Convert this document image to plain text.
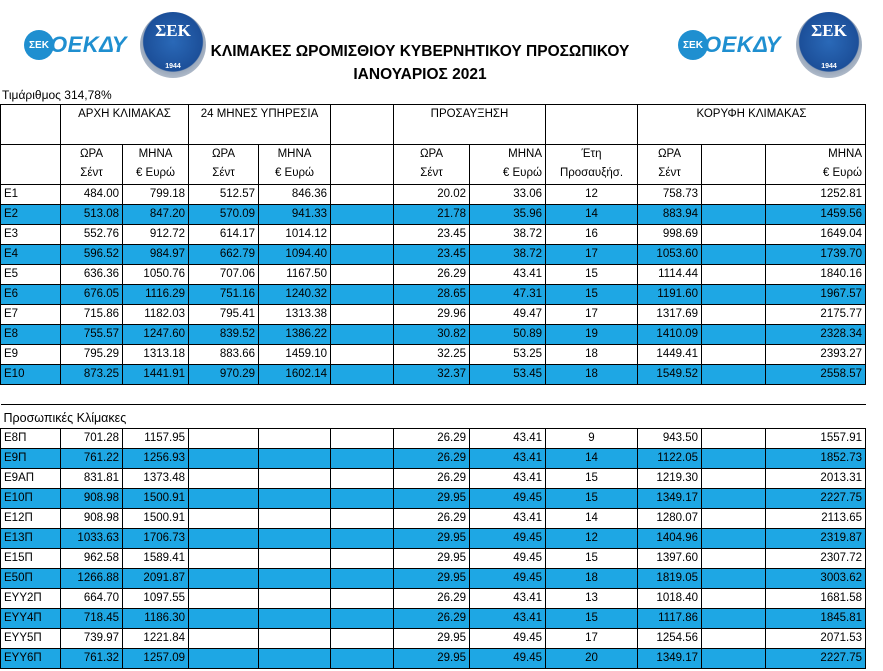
ΣΕΚ ΟΕΚΔΥ
ΣΕΚ
1944
ΚΛΙΜΑΚΕΣ ΩΡΟΜΙΣΘΙΟΥ ΚΥΒΕΡΝΗΤΙΚΟΥ ΠΡΟΣΩΠΙΚΟΥ
ΙΑΝΟΥΑΡΙΟΣ 2021
ΣΕΚ ΟΕΚΔΥ
ΣΕΚ
1944
Τιμάριθμος 314,78%
	ΑΡΧΗ ΚΛΙΜΑΚΑΣ		24 ΜΗΝΕΣ ΥΠΗΡΕΣΙΑ			ΠΡΟΣΑΥΞΗΣΗ			ΚΟΡΥΦΗ ΚΛΙΜΑΚΑΣ		
	ΩΡΑ	ΜΗΝΑ	ΩΡΑ	ΜΗΝΑ		ΩΡΑ	ΜΗΝΑ	Έτη	ΩΡΑ		ΜΗΝΑ
	Σέντ	€ Ευρώ	Σέντ	€ Ευρώ		Σέντ	€ Ευρώ	Προσαυξήσ.	Σέντ		€ Ευρώ
E1	484.00	799.18	512.57	846.36		20.02	33.06	12	758.73		1252.81
E2	513.08	847.20	570.09	941.33		21.78	35.96	14	883.94		1459.56
E3	552.76	912.72	614.17	1014.12		23.45	38.72	16	998.69		1649.04
E4	596.52	984.97	662.79	1094.40		23.45	38.72	17	1053.60		1739.70
E5	636.36	1050.76	707.06	1167.50		26.29	43.41	15	1114.44		1840.16
E6	676.05	1116.29	751.16	1240.32		28.65	47.31	15	1191.60		1967.57
E7	715.86	1182.03	795.41	1313.38		29.96	49.47	17	1317.69		2175.77
E8	755.57	1247.60	839.52	1386.22		30.82	50.89	19	1410.09		2328.34
E9	795.29	1313.18	883.66	1459.10		32.25	53.25	18	1449.41		2393.27
E10	873.25	1441.91	970.29	1602.14		32.37	53.45	18	1549.52		2558.57

Προσωπικές Κλίμακες											
E8Π	701.28	1157.95				26.29	43.41	9	943.50		1557.91
E9Π	761.22	1256.93				26.29	43.41	14	1122.05		1852.73
E9ΑΠ	831.81	1373.48				26.29	43.41	15	1219.30		2013.31
E10Π	908.98	1500.91				29.95	49.45	15	1349.17		2227.75
E12Π	908.98	1500.91				26.29	43.41	14	1280.07		2113.65
E13Π	1033.63	1706.73				29.95	49.45	12	1404.96		2319.87
E15Π	962.58	1589.41				29.95	49.45	15	1397.60		2307.72
E50Π	1266.88	2091.87				29.95	49.45	18	1819.05		3003.62
EYY2Π	664.70	1097.55				26.29	43.41	13	1018.40		1681.58
EYY4Π	718.45	1186.30				26.29	43.41	15	1117.86		1845.81
EYY5Π	739.97	1221.84				29.95	49.45	17	1254.56		2071.53
EYY6Π	761.32	1257.09				29.95	49.45	20	1349.17		2227.75
